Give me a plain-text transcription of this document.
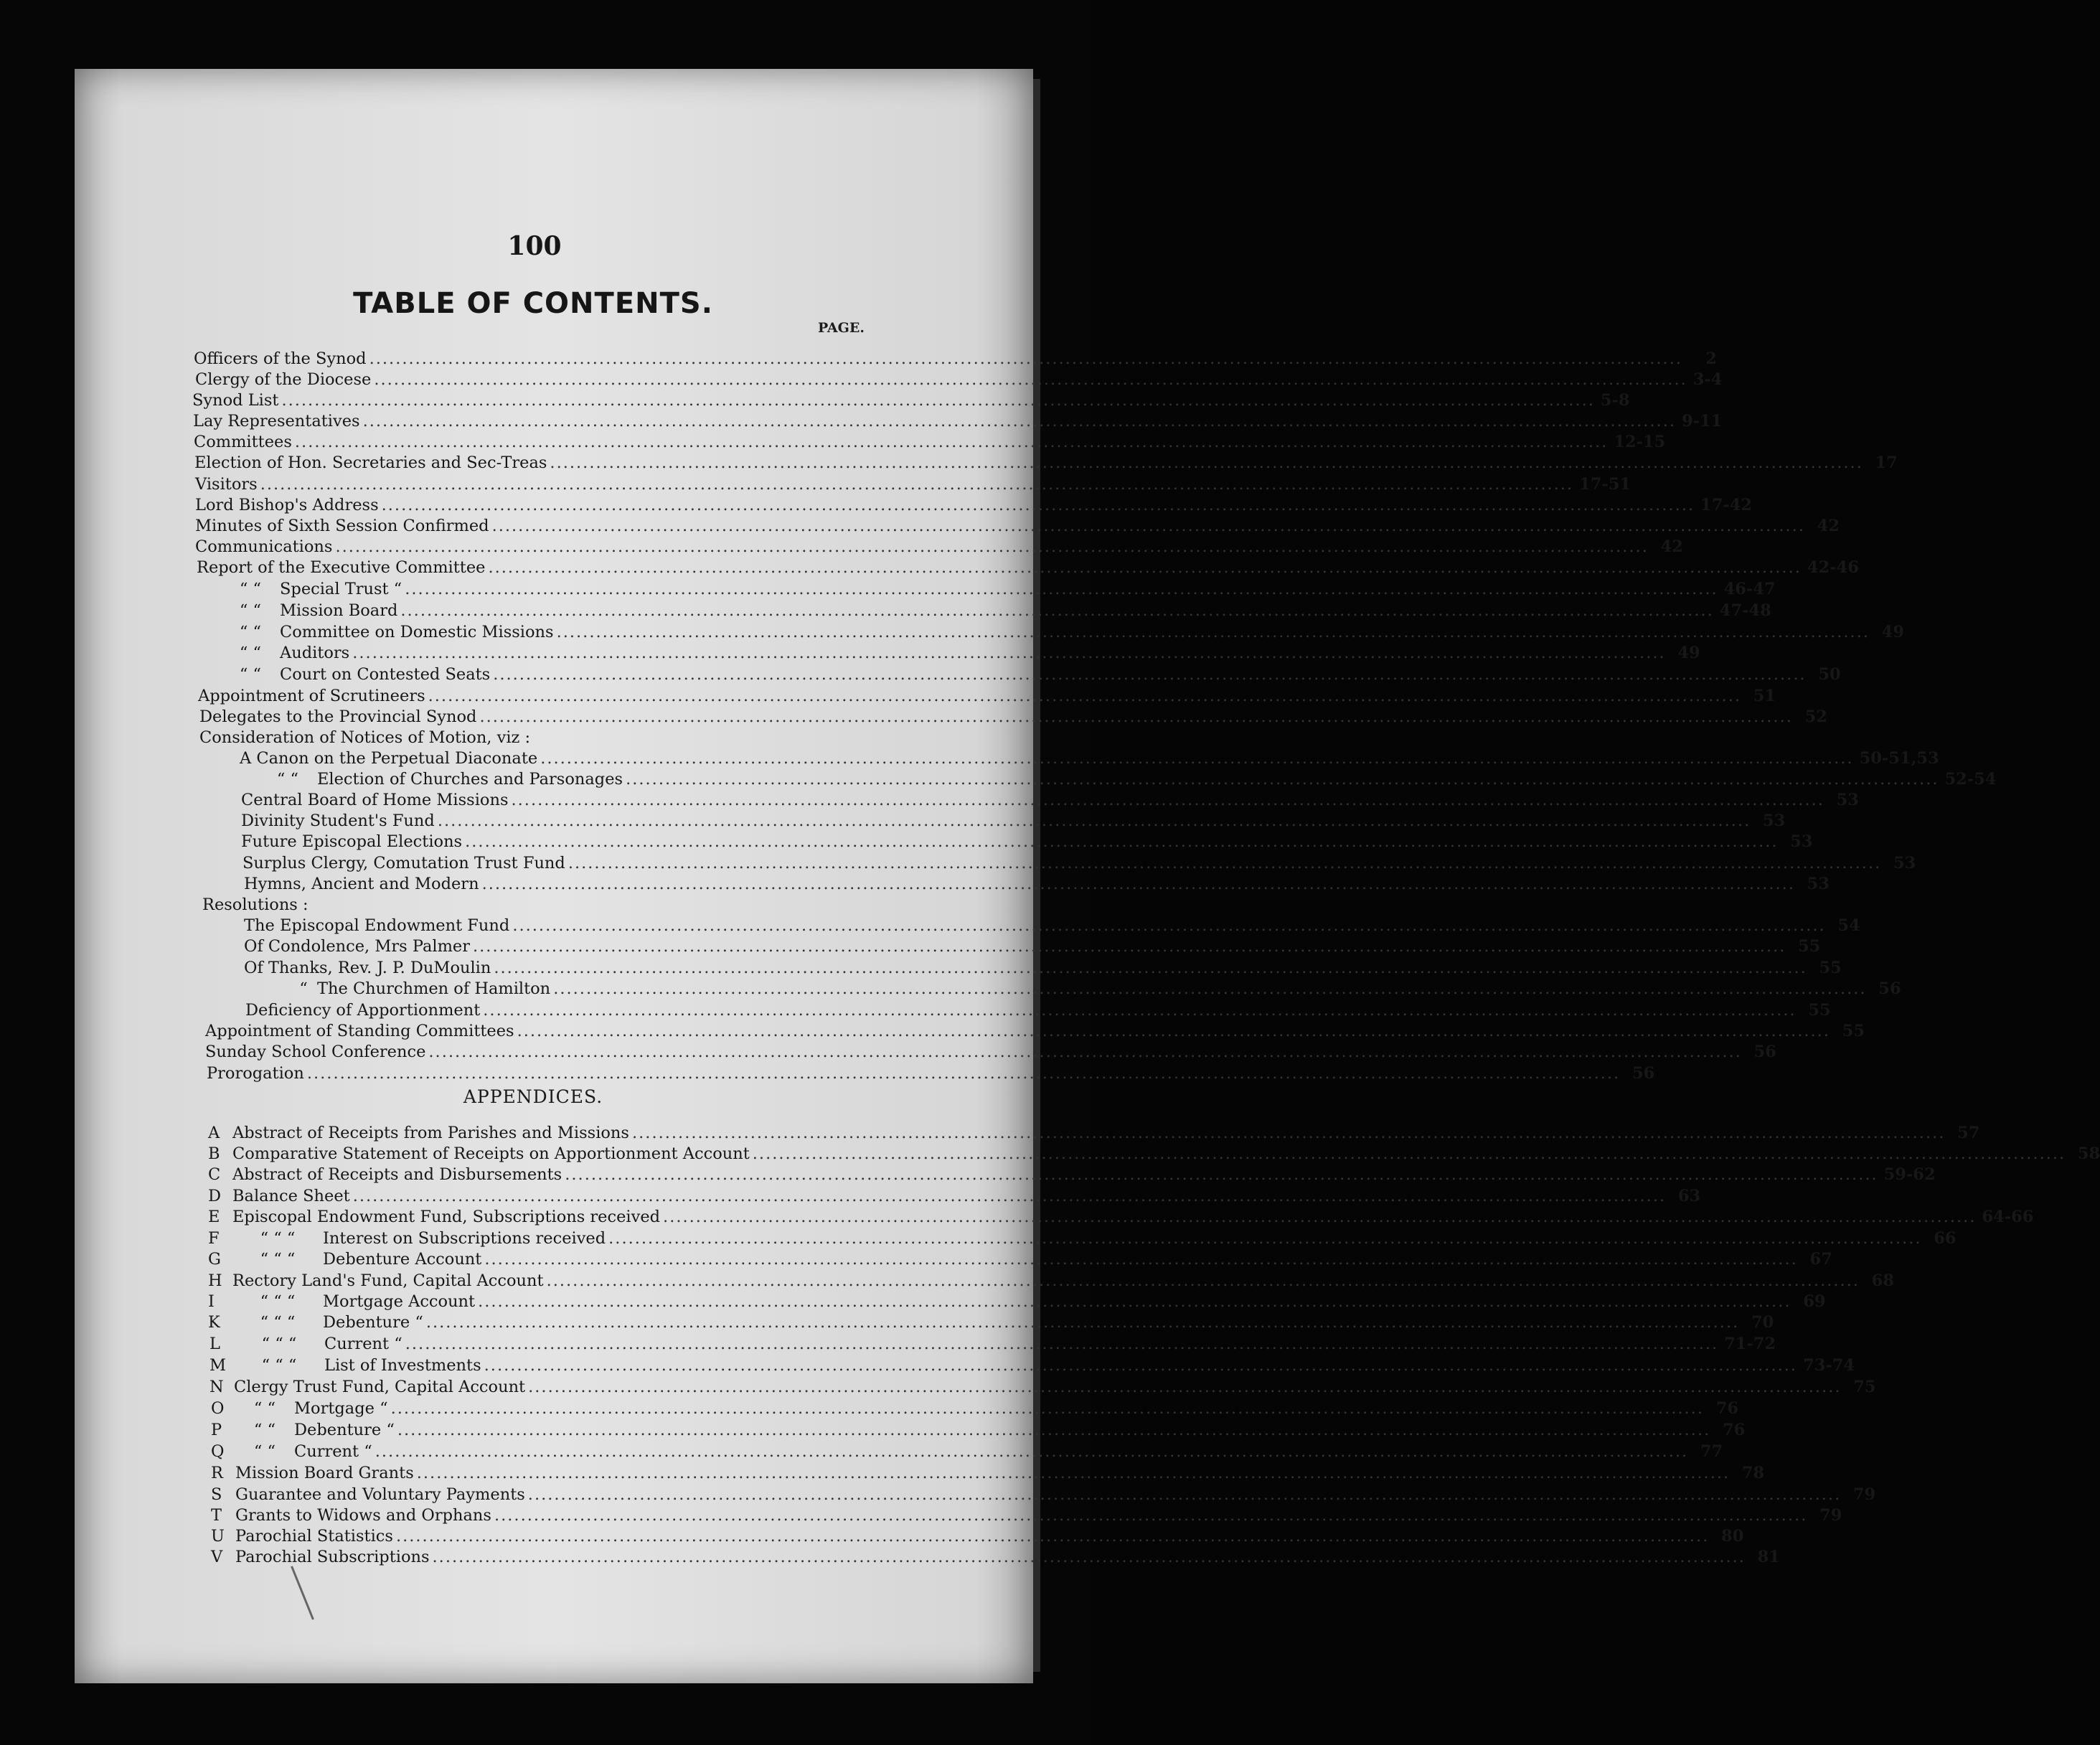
100
TABLE OF CONTENTS.
PAGE.
APPENDICES.
Officers of the Synod ........................................................................................................................................................................................................	2
Clergy of the Diocese ........................................................................................................................................................................................................ 3-4
Synod List ........................................................................................................................................................................................................ 5-8
Lay Representatives ........................................................................................................................................................................................................ 9-11
Committees ........................................................................................................................................................................................................ 12-15
Election of Hon. Secretaries and Sec-Treas ........................................................................................................................................................................................................ 17
Visitors ........................................................................................................................................................................................................ 17-51
Lord Bishop's Address ........................................................................................................................................................................................................ 17-42
Minutes of Sixth Session Confirmed ........................................................................................................................................................................................................ 42
Communications ........................................................................................................................................................................................................ 42
Report of the Executive Committee ........................................................................................................................................................................................................ 42-46
“ “ Special Trust “ ........................................................................................................................................................................................................ 46-47
“ “ Mission Board ........................................................................................................................................................................................................ 47-48
“ “ Committee on Domestic Missions ........................................................................................................................................................................................................ 49
“ “ Auditors ........................................................................................................................................................................................................ 49
“ “ Court on Contested Seats ........................................................................................................................................................................................................ 50
Appointment of Scrutineers ........................................................................................................................................................................................................ 51
Delegates to the Provincial Synod ........................................................................................................................................................................................................ 52
Consideration of Notices of Motion, viz :
A Canon on the Perpetual Diaconate ........................................................................................................................................................................................................ 50-51,53
“ “ Election of Churches and Parsonages ........................................................................................................................................................................................................ 52-54
Central Board of Home Missions ........................................................................................................................................................................................................ 53
Divinity Student's Fund ........................................................................................................................................................................................................ 53
Future Episcopal Elections ........................................................................................................................................................................................................ 53
Surplus Clergy, Comutation Trust Fund ........................................................................................................................................................................................................ 53
Hymns, Ancient and Modern ........................................................................................................................................................................................................ 53
Resolutions :
The Episcopal Endowment Fund ........................................................................................................................................................................................................ 54
Of Condolence, Mrs Palmer ........................................................................................................................................................................................................ 55
Of Thanks, Rev. J. P. DuMoulin ........................................................................................................................................................................................................ 55
“ The Churchmen of Hamilton ........................................................................................................................................................................................................ 56
Deficiency of Apportionment ........................................................................................................................................................................................................ 55
Appointment of Standing Committees ........................................................................................................................................................................................................ 55
Sunday School Conference ........................................................................................................................................................................................................ 56
Prorogation ........................................................................................................................................................................................................ 56
A Abstract of Receipts from Parishes and Missions ........................................................................................................................................................................................................ 57
B Comparative Statement of Receipts on Apportionment Account ........................................................................................................................................................................................................ 58
C Abstract of Receipts and Disbursements ........................................................................................................................................................................................................ 59-62
D Balance Sheet ........................................................................................................................................................................................................ 63
E Episcopal Endowment Fund, Subscriptions received ........................................................................................................................................................................................................ 64-66
F	“ “ “ Interest on Subscriptions received ........................................................................................................................................................................................................ 66
G “ “ “ Debenture Account ........................................................................................................................................................................................................ 67
H Rectory Land's Fund, Capital Account ........................................................................................................................................................................................................ 68
I	“ “ “ Mortgage Account ........................................................................................................................................................................................................ 69
K “ “ “ Debenture “ ........................................................................................................................................................................................................ 70
L	“ “ “ Current “ ........................................................................................................................................................................................................ 71-72
M “ “ “ List of Investments ........................................................................................................................................................................................................ 73-74
N Clergy Trust Fund, Capital Account ........................................................................................................................................................................................................ 75
O “ “ Mortgage “ ........................................................................................................................................................................................................ 76
P “ “ Debenture “ ........................................................................................................................................................................................................ 76
Q “ “ Current “ ........................................................................................................................................................................................................ 77
R Mission Board Grants ........................................................................................................................................................................................................ 78
S Guarantee and Voluntary Payments ........................................................................................................................................................................................................ 79
T Grants to Widows and Orphans ........................................................................................................................................................................................................ 79
U Parochial Statistics ........................................................................................................................................................................................................ 80
V Parochial Subscriptions ........................................................................................................................................................................................................ 81
